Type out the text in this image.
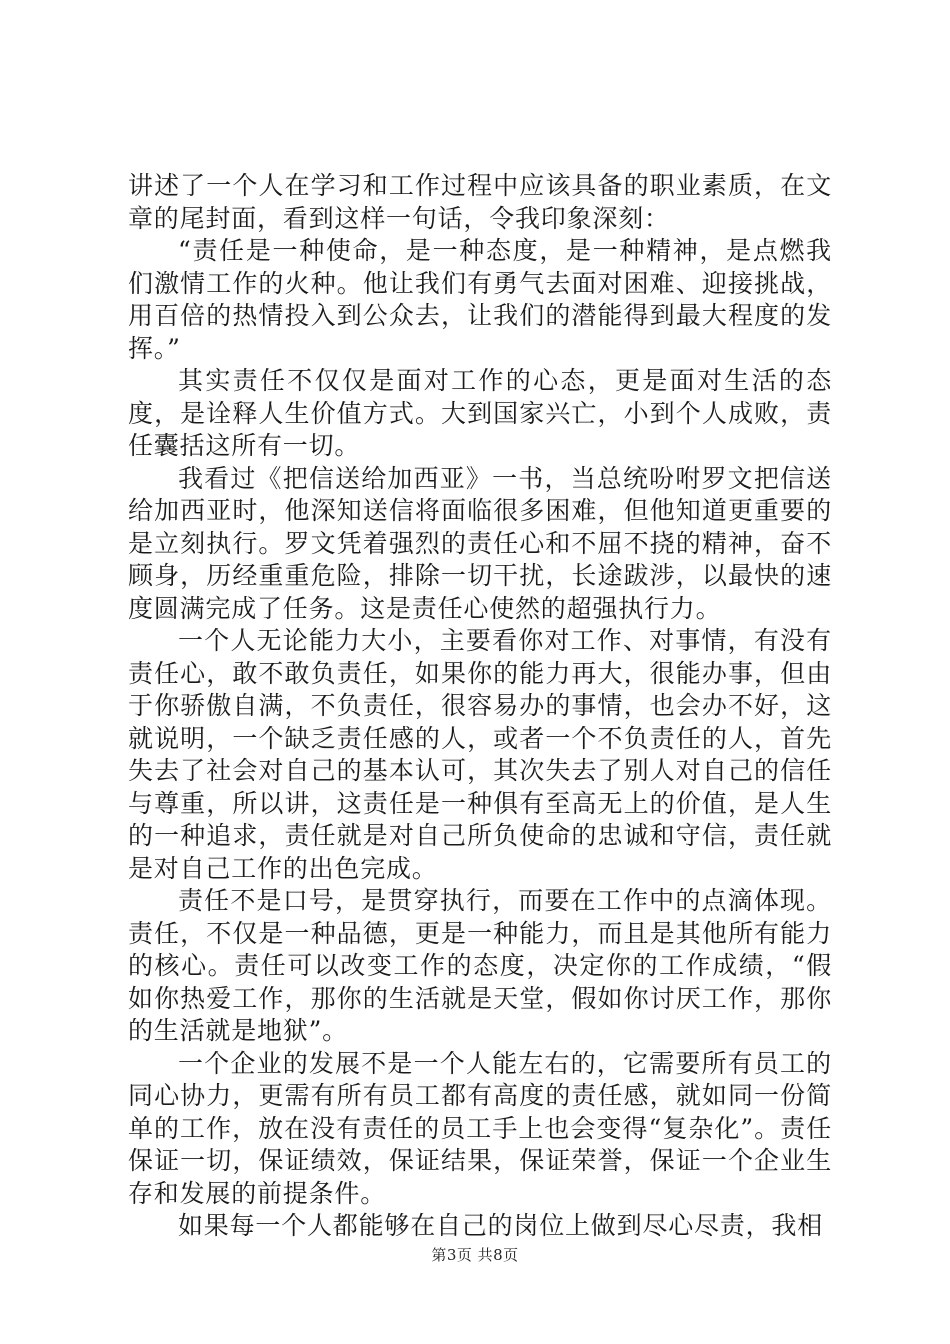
讲述了一个人在学习和工作过程中应该具备的职业素质，在文章的尾封面，看到这样一句话，令我印象深刻：

“责任是一种使命，是一种态度，是一种精神，是点燃我们激情工作的火种。他让我们有勇气去面对困难、迎接挑战，用百倍的热情投入到公众去，让我们的潜能得到最大程度的发挥。”

其实责任不仅仅是面对工作的心态，更是面对生活的态度，是诠释人生价值方式。大到国家兴亡，小到个人成败，责任囊括这所有一切。

我看过《把信送给加西亚》一书，当总统吩咐罗文把信送给加西亚时，他深知送信将面临很多困难，但他知道更重要的是立刻执行。罗文凭着强烈的责任心和不屈不挠的精神，奋不顾身，历经重重危险，排除一切干扰，长途跋涉，以最快的速度圆满完成了任务。这是责任心使然的超强执行力。

一个人无论能力大小，主要看你对工作、对事情，有没有责任心，敢不敢负责任，如果你的能力再大，很能办事，但由于你骄傲自满，不负责任，很容易办的事情，也会办不好，这就说明，一个缺乏责任感的人，或者一个不负责任的人，首先失去了社会对自己的基本认可，其次失去了别人对自己的信任与尊重，所以讲，这责任是一种俱有至高无上的价值，是人生的一种追求，责任就是对自己所负使命的忠诚和守信，责任就是对自己工作的出色完成。

责任不是口号，是贯穿执行，而要在工作中的点滴体现。责任，不仅是一种品德，更是一种能力，而且是其他所有能力的核心。责任可以改变工作的态度，决定你的工作成绩，“假如你热爱工作，那你的生活就是天堂，假如你讨厌工作，那你的生活就是地狱”。

一个企业的发展不是一个人能左右的，它需要所有员工的同心协力，更需有所有员工都有高度的责任感，就如同一份简单的工作，放在没有责任的员工手上也会变得“复杂化”。责任保证一切，保证绩效，保证结果，保证荣誉，保证一个企业生存和发展的前提条件。

如果每一个人都能够在自己的岗位上做到尽心尽责，我相

第3页 共8页
